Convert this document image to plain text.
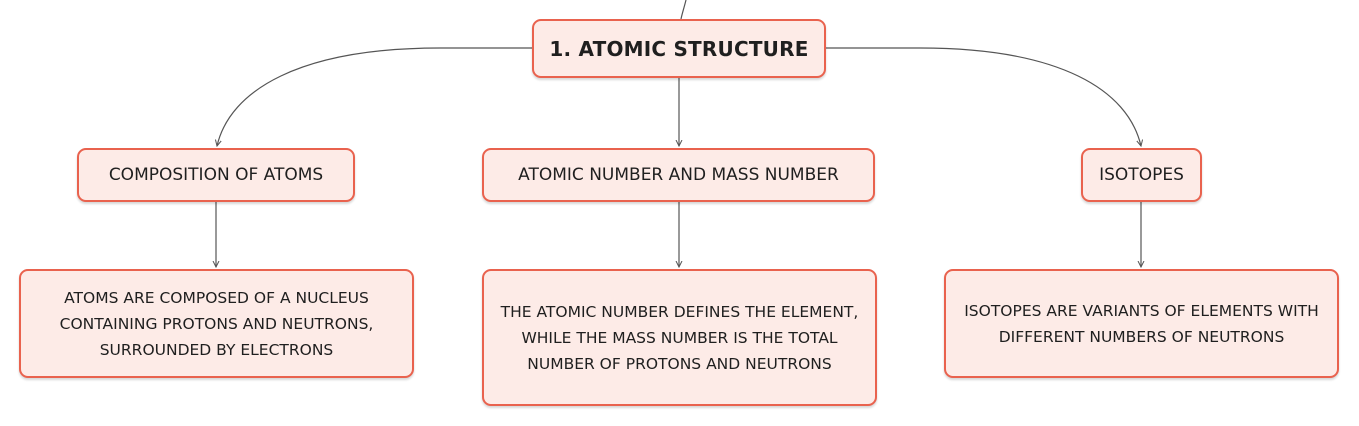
1. ATOMIC STRUCTURE
COMPOSITION OF ATOMS	ATOMIC NUMBER AND MASS NUMBER	ISOTOPES
ATOMS ARE COMPOSED OF A NUCLEUS CONTAINING PROTONS AND NEUTRONS, SURROUNDED BY ELECTRONS
THE ATOMIC NUMBER DEFINES THE ELEMENT, WHILE THE MASS NUMBER IS THE TOTAL NUMBER OF PROTONS AND NEUTRONS
ISOTOPES ARE VARIANTS OF ELEMENTS WITH DIFFERENT NUMBERS OF NEUTRONS
